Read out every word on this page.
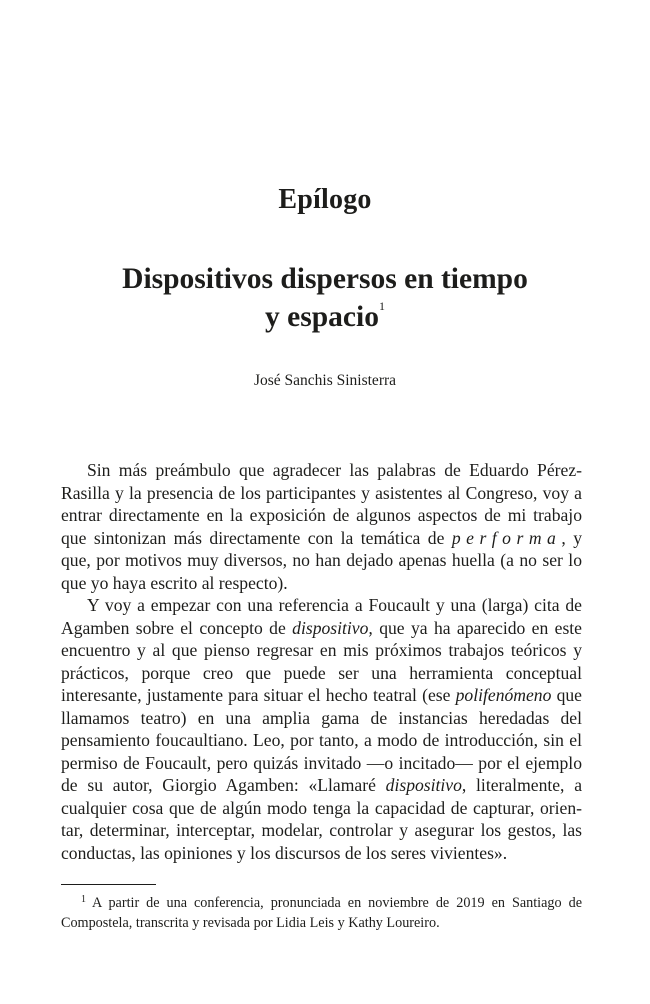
Epílogo
Dispositivos dispersos en tiempo
y espacio$^1$
José Sanchis Sinisterra

Sin más preámbulo que agradecer las palabras de Eduardo Pérez-Rasilla y la presencia de los participantes y asistentes al Congreso, voy a entrar directamente en la exposición de algunos aspectos de mi trabajo que sintonizan más directamente con la temática de performa, y que, por motivos muy diversos, no han dejado apenas huella (a no ser lo que yo haya escrito al respecto).

Y voy a empezar con una referencia a Foucault y una (larga) cita de Agamben sobre el concepto de dispositivo, que ya ha aparecido en este encuentro y al que pienso regresar en mis próximos trabajos teóricos y prácticos, porque creo que puede ser una herramienta conceptual interesante, justamente para situar el hecho teatral (ese polifenómeno que llamamos teatro) en una amplia gama de instancias heredadas del pensamiento foucaultiano. Leo, por tanto, a modo de introducción, sin el permiso de Foucault, pero quizás invitado —o incitado— por el ejemplo de su autor, Giorgio Agamben: «Llamaré dispositivo, literalmente, a cualquier cosa que de algún modo tenga la capacidad de capturar, orientar, determinar, interceptar, modelar, controlar y asegurar los gestos, las conductas, las opiniones y los discursos de los seres vivientes».

$^1$ A partir de una conferencia, pronunciada en noviembre de 2019 en Santiago de Compostela, transcrita y revisada por Lidia Leis y Kathy Loureiro.
